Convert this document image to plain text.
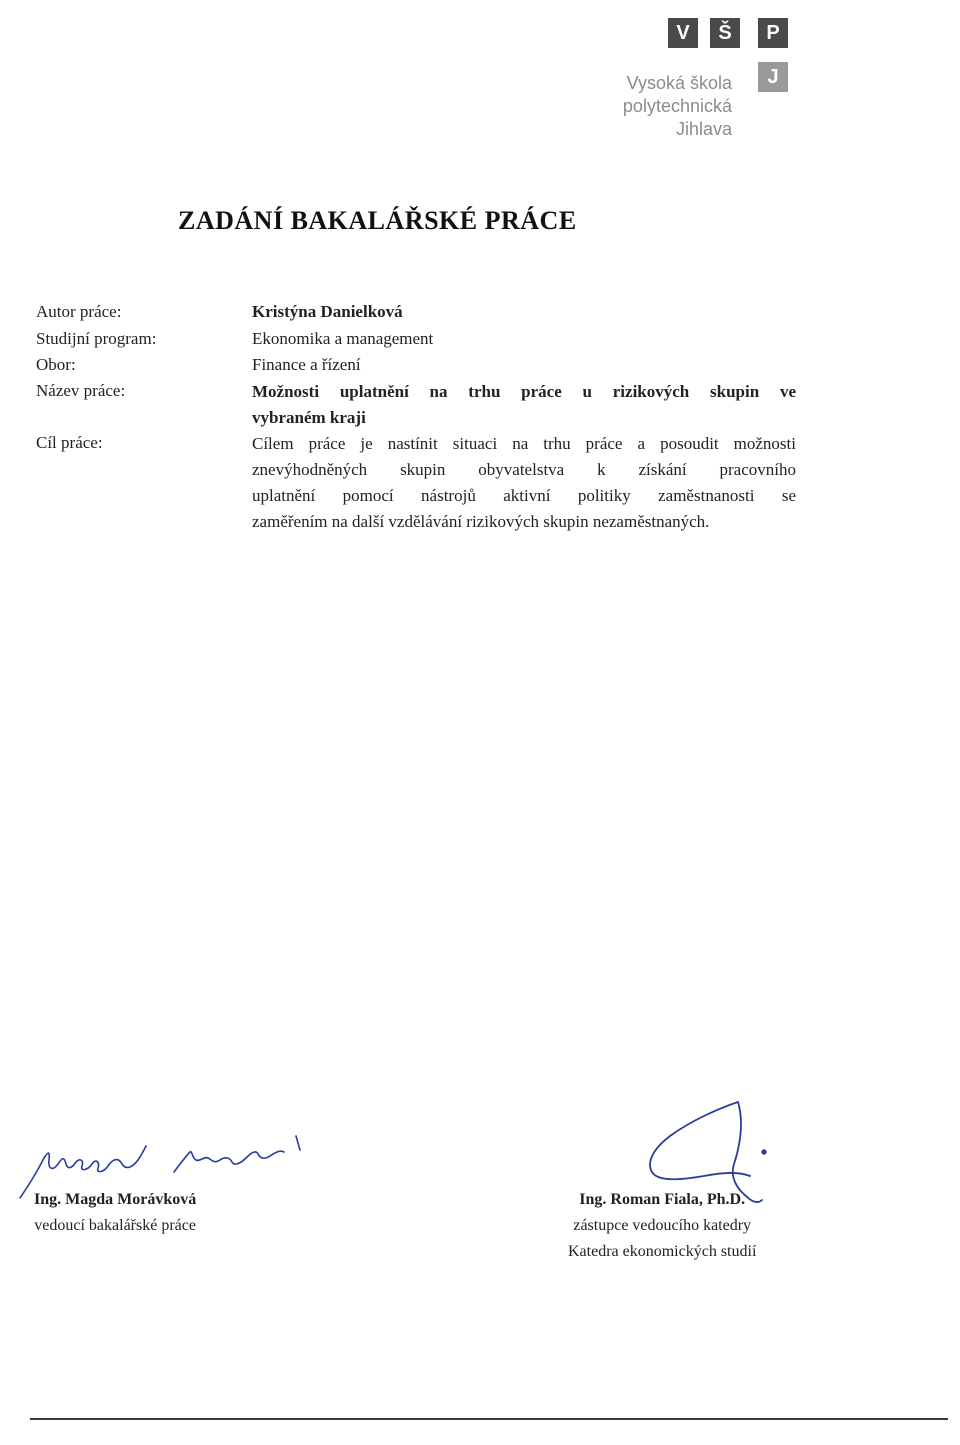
V	Š	P
J
Vysoká škola
polytechnická
Jihlava
ZADÁNÍ BAKALÁŘSKÉ PRÁCE
Autor práce:	Kristýna Danielková
Studijní program:	Ekonomika a management
Obor:	Finance a řízení
Název práce:	Možnosti uplatnění na trhu práce u rizikových skupin ve
vybraném kraji
Cíl práce:	Cílem práce je nastínit situaci na trhu práce a posoudit možnosti
znevýhodněných skupin obyvatelstva k získání pracovního
uplatnění pomocí nástrojů aktivní politiky zaměstnanosti se
zaměřením na další vzdělávání rizikových skupin nezaměstnaných.
Ing. Magda Morávková
vedoucí bakalářské práce
Ing. Roman Fiala, Ph.D.
zástupce vedoucího katedry
Katedra ekonomických studií
